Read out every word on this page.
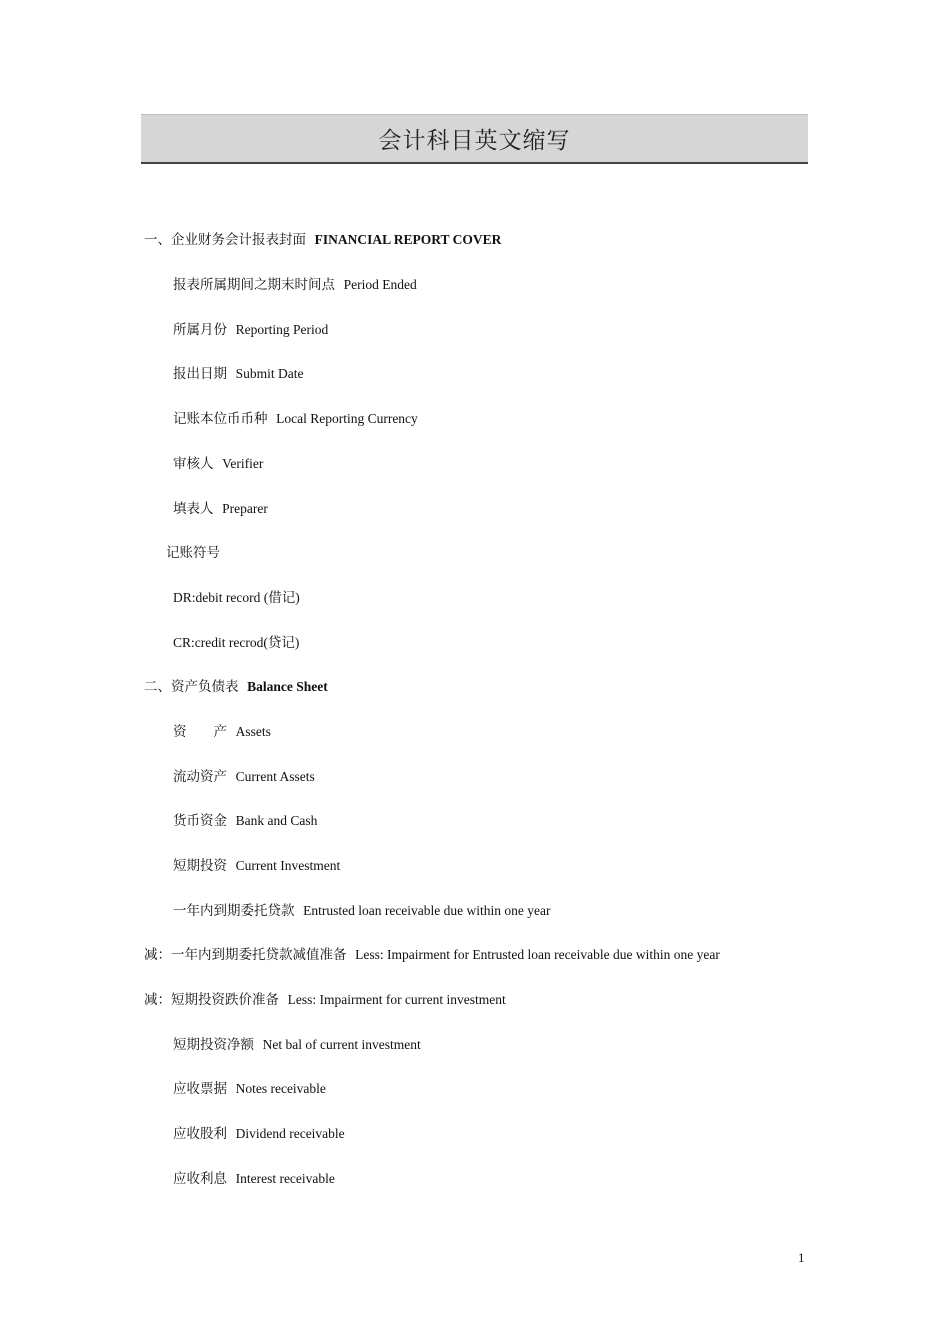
会计科目英文缩写
一、企业财务会计报表封面 FINANCIAL REPORT COVER
报表所属期间之期末时间点 Period Ended
所属月份 Reporting Period
报出日期 Submit Date
记账本位币币种 Local Reporting Currency
审核人 Verifier
填表人 Preparer
记账符号
DR:debit record (借记)
CR:credit recrod(贷记)
二、资产负债表 Balance Sheet
资　　产 Assets
流动资产 Current Assets
货币资金 Bank and Cash
短期投资 Current Investment
一年内到期委托贷款 Entrusted loan receivable due within one year
减：一年内到期委托贷款减值准备 Less: Impairment for Entrusted loan receivable due within one year
减：短期投资跌价准备 Less: Impairment for current investment
短期投资净额 Net bal of current investment
应收票据 Notes receivable
应收股利 Dividend receivable
应收利息 Interest receivable
1
